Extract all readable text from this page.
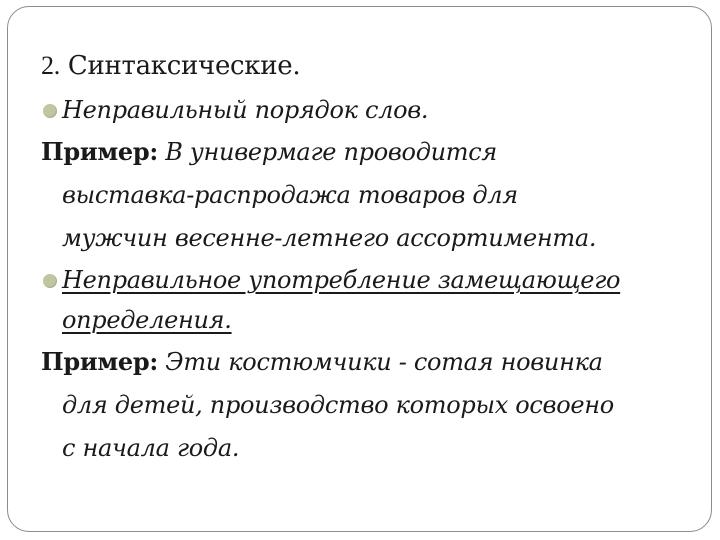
2. Синтаксические.
Неправильный порядок слов.
Пример: В универмаге проводится
выставка-распродажа товаров для
мужчин весенне-летнего ассортимента.
Неправильное употребление замещающего
определения.
Пример: Эти костюмчики - сотая новинка
для детей, производство которых освоено
с начала года.
